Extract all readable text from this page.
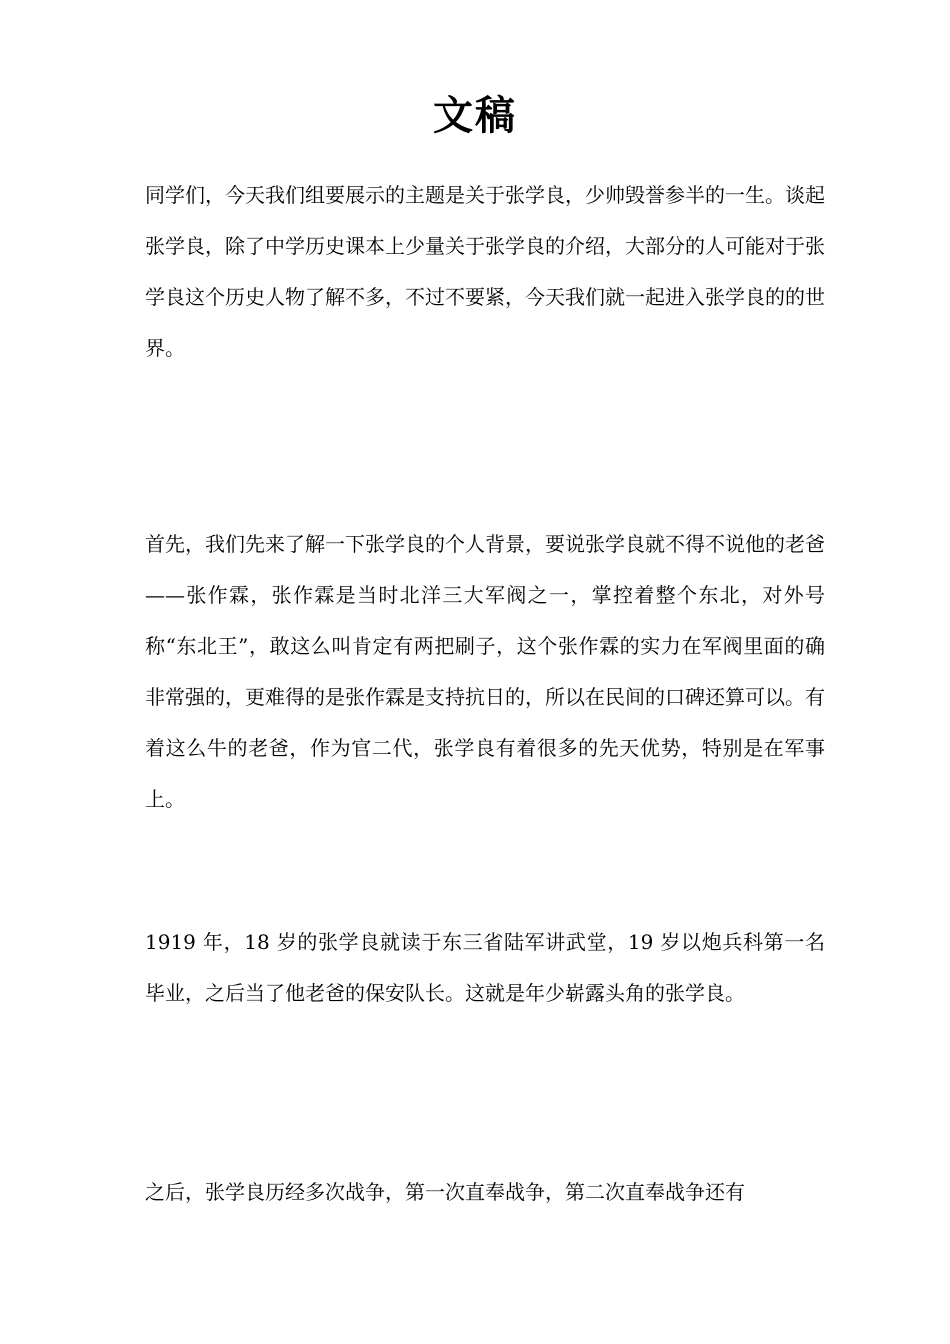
文稿

同学们，今天我们组要展示的主题是关于张学良，少帅毁誉参半的一生。谈起张学良，除了中学历史课本上少量关于张学良的介绍，大部分的人可能对于张学良这个历史人物了解不多，不过不要紧，今天我们就一起进入张学良的的世界。

首先，我们先来了解一下张学良的个人背景，要说张学良就不得不说他的老爸——张作霖，张作霖是当时北洋三大军阀之一，掌控着整个东北，对外号称“东北王”，敢这么叫肯定有两把刷子，这个张作霖的实力在军阀里面的确非常强的，更难得的是张作霖是支持抗日的，所以在民间的口碑还算可以。有着这么牛的老爸，作为官二代，张学良有着很多的先天优势，特别是在军事上。

1919 年，18 岁的张学良就读于东三省陆军讲武堂，19 岁以炮兵科第一名毕业，之后当了他老爸的保安队长。这就是年少崭露头角的张学良。

之后，张学良历经多次战争，第一次直奉战争，第二次直奉战争还有
